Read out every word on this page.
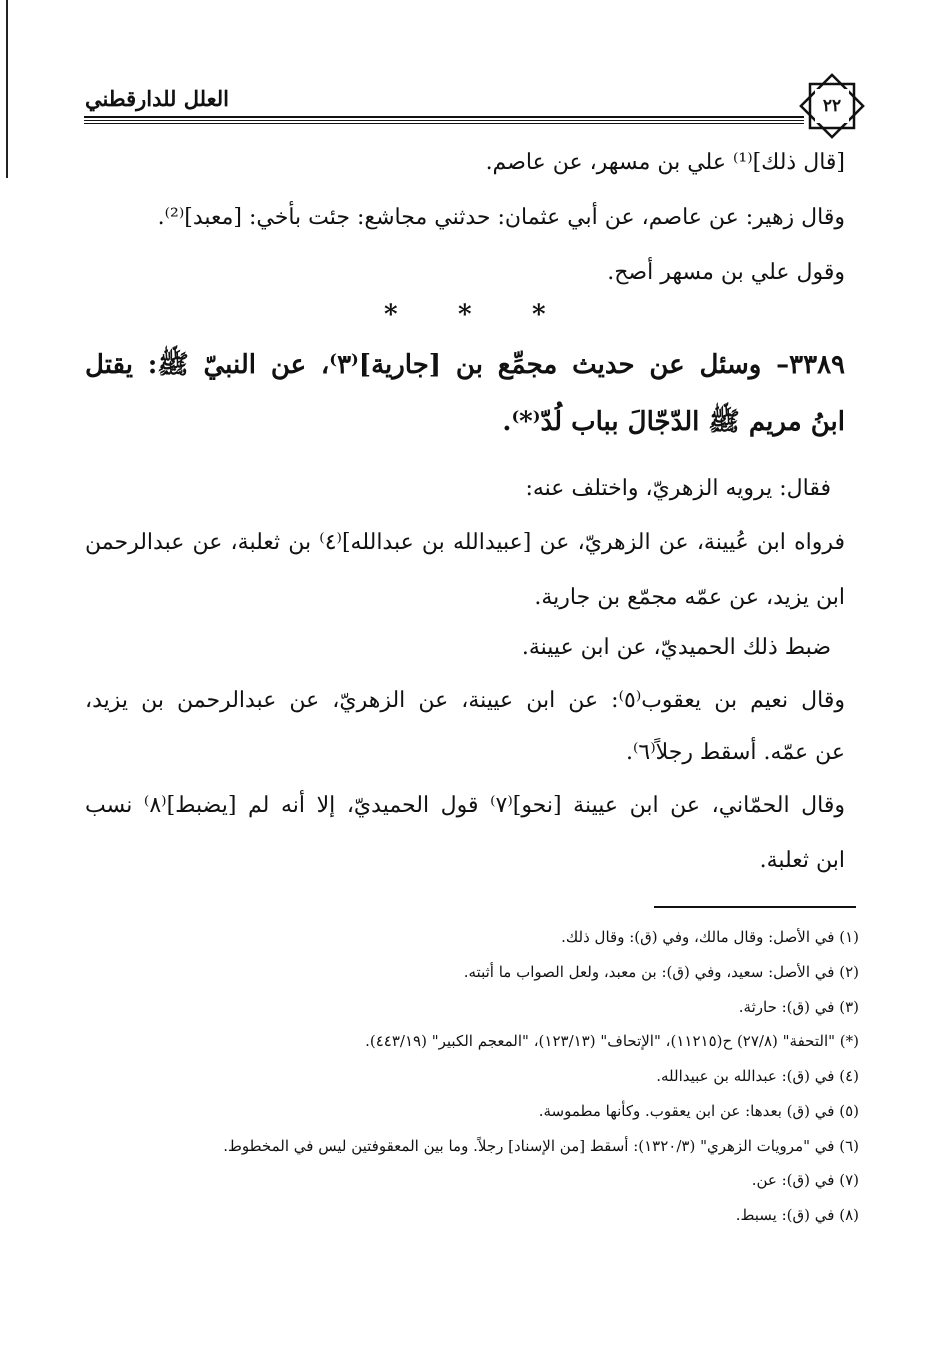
العلل للدارقطني	٢٢
[قال ذلك]⁽¹⁾ علي بن مسهر، عن عاصم.
وقال زهير: عن عاصم، عن أبي عثمان: حدثني مجاشع: جئت بأخي: [معبد]⁽²⁾.
وقول علي بن مسهر أصح.
* * *
٣٣٨٩– وسئل عن حديث مجمِّع بن [جارية]⁽٣⁾، عن النبيّ ﷺ: يقتل
ابنُ مريم ﷺ الدّجّالَ بباب لُدّ⁽*⁾.
فقال: يرويه الزهريّ، واختلف عنه:
فرواه ابن عُيينة، عن الزهريّ، عن [عبيدالله بن عبدالله]⁽٤⁾ بن ثعلبة، عن عبدالرحمن
ابن يزيد، عن عمّه مجمّع بن جارية.
ضبط ذلك الحميديّ، عن ابن عيينة.
وقال نعيم بن يعقوب⁽٥⁾: عن ابن عيينة، عن الزهريّ، عن عبدالرحمن بن يزيد،
عن عمّه. أسقط رجلاً⁽٦⁾.
وقال الحمّاني، عن ابن عيينة [نحو]⁽٧⁾ قول الحميديّ، إلا أنه لم [يضبط]⁽٨⁾ نسب
ابن ثعلبة.
(١) في الأصل: وقال مالك، وفي (ق): وقال ذلك.
(٢) في الأصل: سعيد، وفي (ق): بن معبد، ولعل الصواب ما أثبته.
(٣) في (ق): حارثة.
(*) "التحفة" (٢٧/٨) ح(١١٢١٥)، "الإتحاف" (١٢٣/١٣)، "المعجم الكبير" (٤٤٣/١٩).
(٤) في (ق): عبدالله بن عبيدالله.
(٥) في (ق) بعدها: عن ابن يعقوب. وكأنها مطموسة.
(٦) في "مرويات الزهري" (١٣٢٠/٣): أسقط [من الإسناد] رجلاً. وما بين المعقوفتين ليس في المخطوط.
(٧) في (ق): عن.
(٨) في (ق): يسبط.
